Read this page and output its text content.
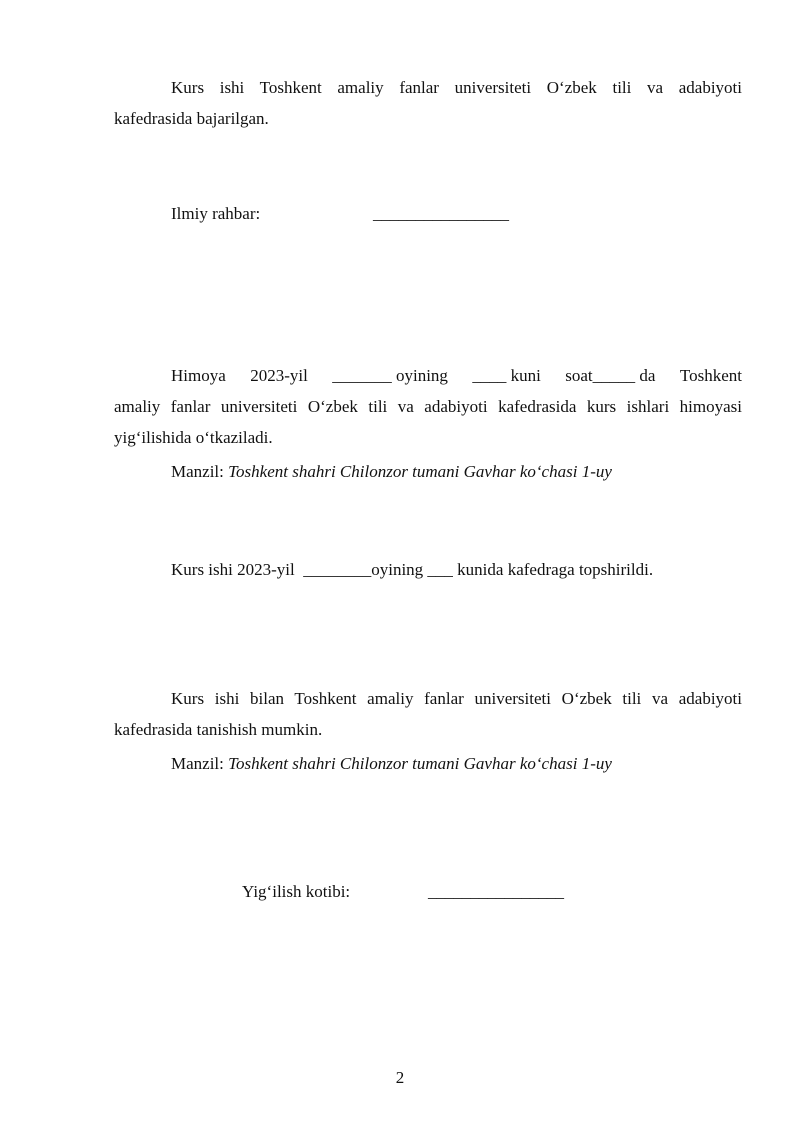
Kurs ishi Toshkent amaliy fanlar universiteti O‘zbek tili va adabiyoti
kafedrasida bajarilgan.
Ilmiy rahbar:	________________
Himoya 2023-yil _______ oyining ____ kuni soat_____ da Toshkent
amaliy fanlar universiteti O‘zbek tili va adabiyoti kafedrasida kurs ishlari himoyasi
yig‘ilishida o‘tkaziladi.
Manzil: Toshkent shahri Chilonzor tumani Gavhar ko‘chasi 1-uy
Kurs ishi 2023-yil  ________oyining ___ kunida kafedraga topshirildi.
Kurs ishi bilan Toshkent amaliy fanlar universiteti O‘zbek tili va adabiyoti
kafedrasida tanishish mumkin.
Manzil: Toshkent shahri Chilonzor tumani Gavhar ko‘chasi 1-uy
Yig‘ilish kotibi:	________________
2
